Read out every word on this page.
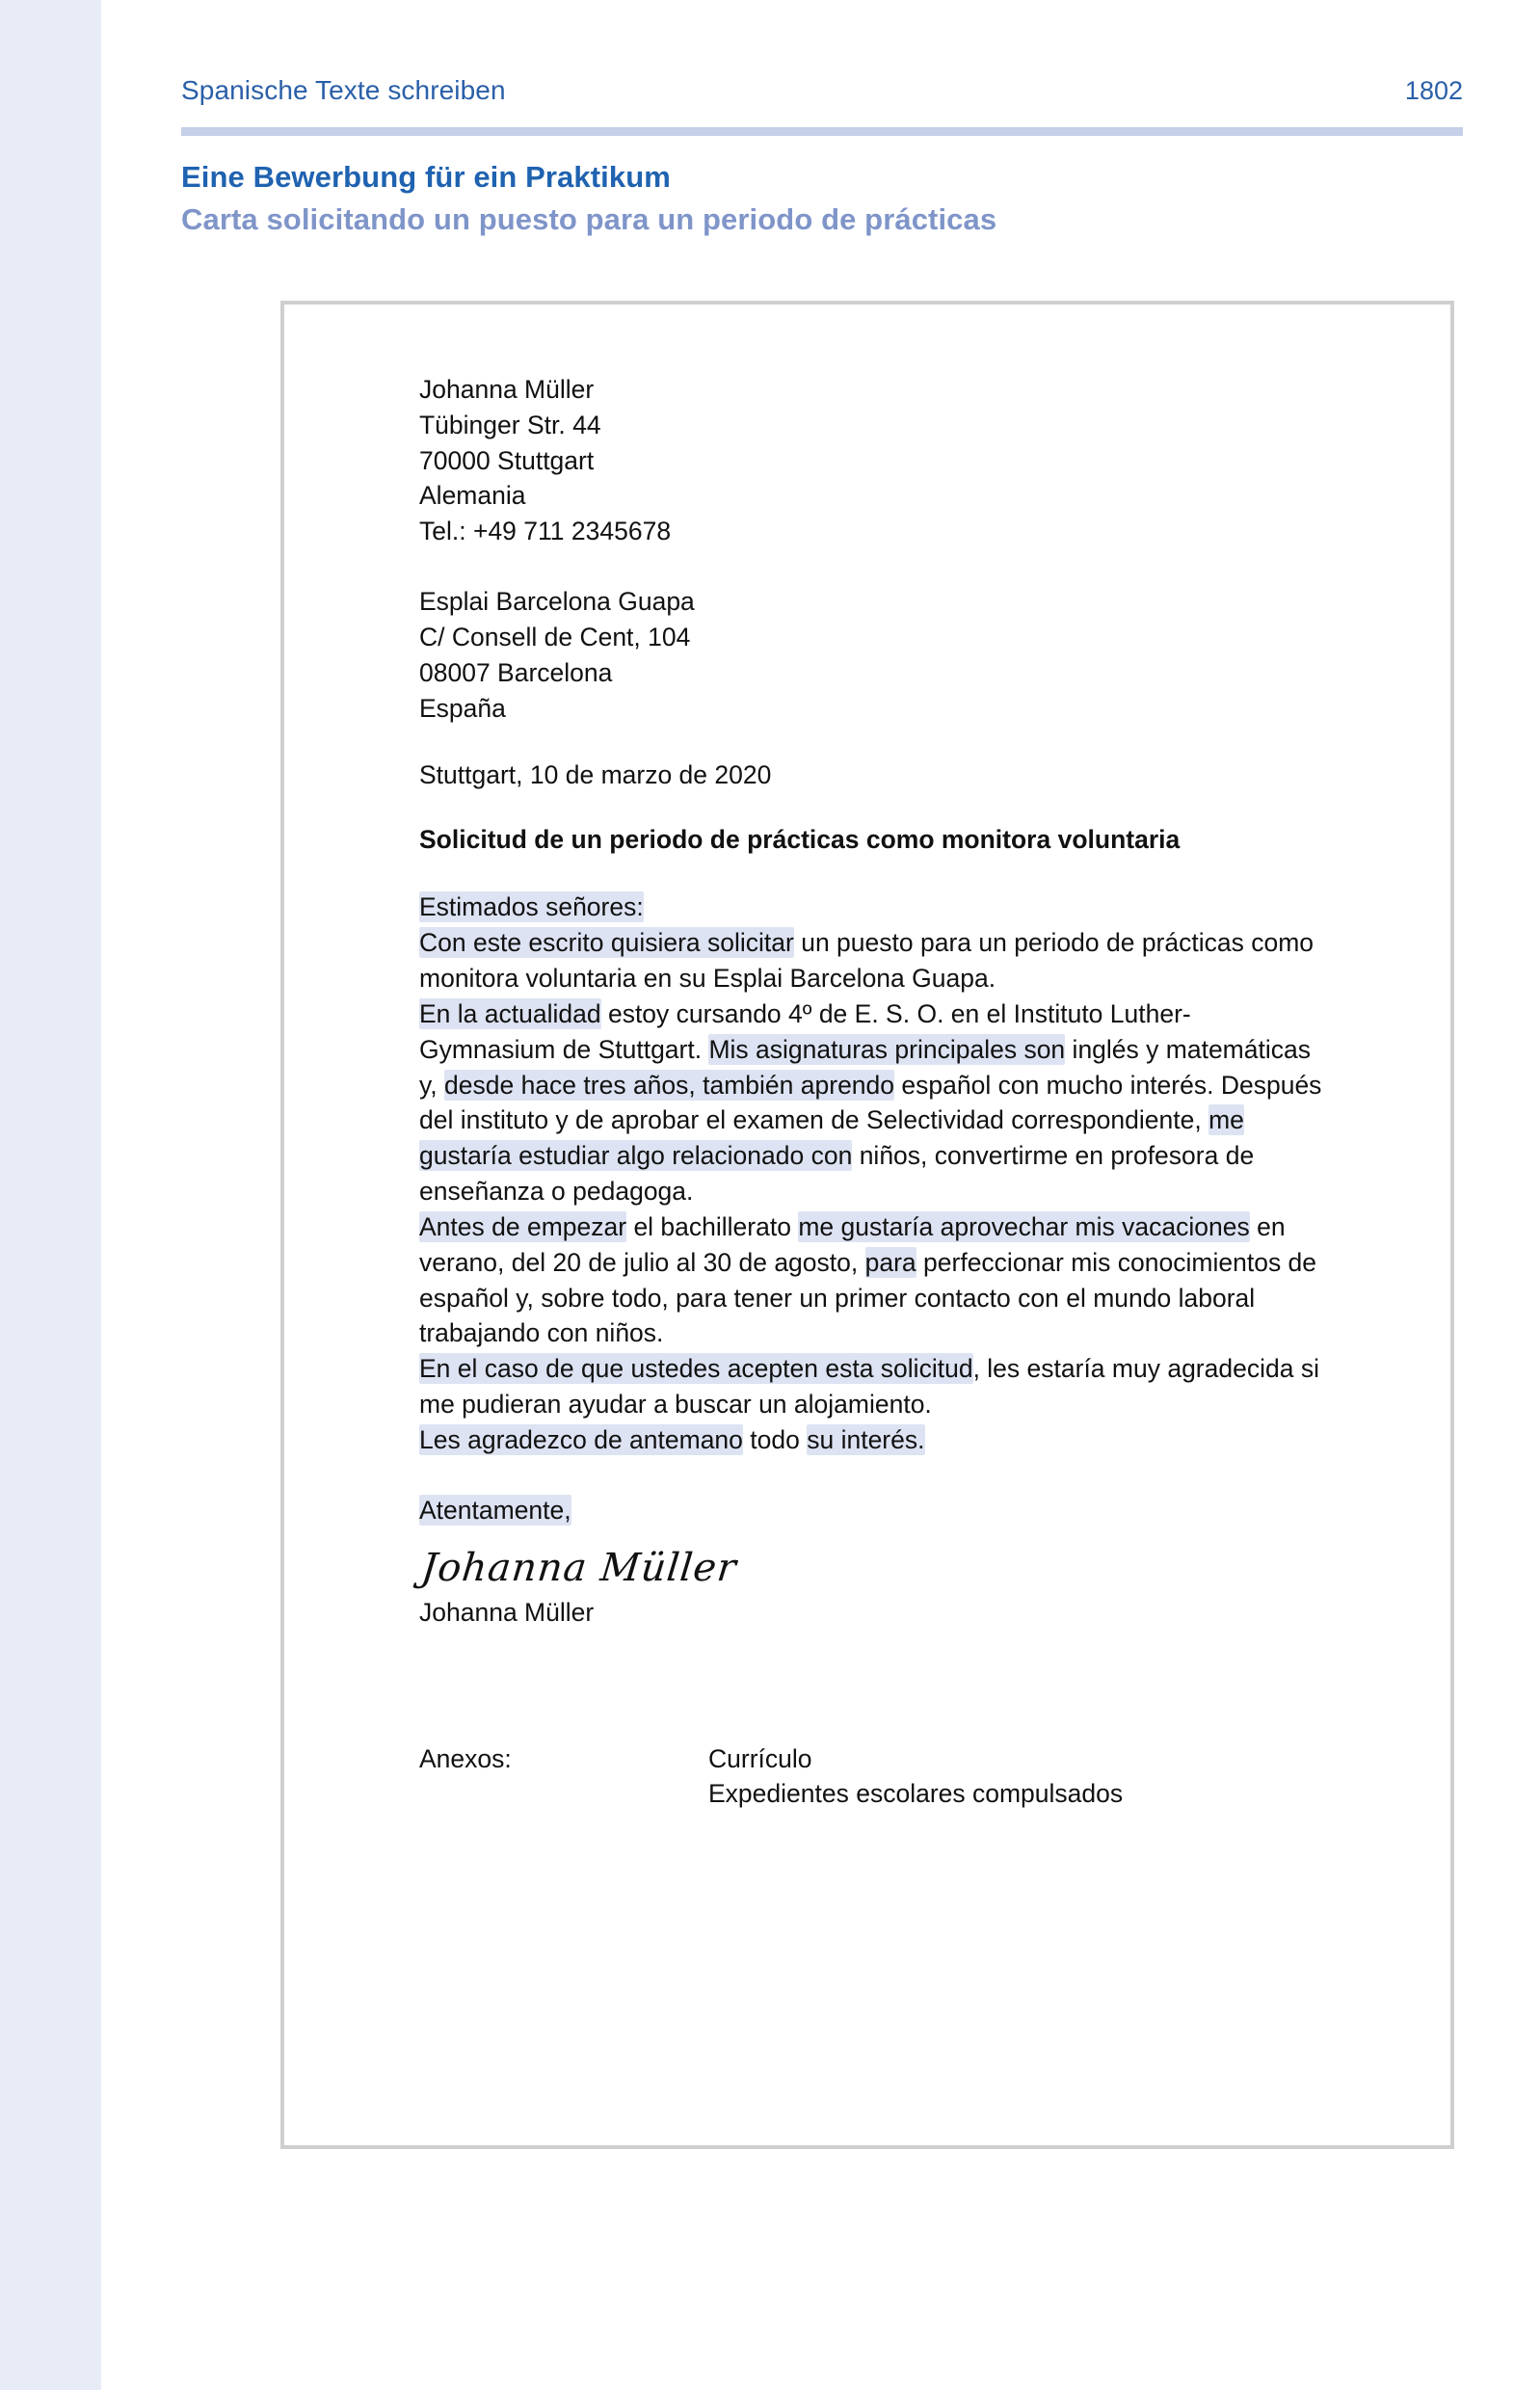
Spanische Texte schreiben	1802
Eine Bewerbung für ein Praktikum
Carta solicitando un puesto para un periodo de prácticas
Johanna Müller
Tübinger Str. 44
70000 Stuttgart
Alemania
Tel.: +49 711 2345678
Esplai Barcelona Guapa
C/ Consell de Cent, 104
08007 Barcelona
España
Stuttgart, 10 de marzo de 2020
Solicitud de un periodo de prácticas como monitora voluntaria

Estimados señores:

Con este escrito quisiera solicitar un puesto para un periodo de prácticas como monitora voluntaria en su Esplai Barcelona Guapa.

En la actualidad estoy cursando 4º de E. S. O. en el Instituto Luther-Gymnasium de Stuttgart. Mis asignaturas principales son inglés y matemáticas y, desde hace tres años, también aprendo español con mucho interés. Después del instituto y de aprobar el examen de Selectividad correspondiente, me gustaría estudiar algo relacionado con niños, convertirme en profesora de enseñanza o pedagoga.

Antes de empezar el bachillerato me gustaría aprovechar mis vacaciones en verano, del 20 de julio al 30 de agosto, para perfeccionar mis conocimientos de español y, sobre todo, para tener un primer contacto con el mundo laboral trabajando con niños.

En el caso de que ustedes acepten esta solicitud, les estaría muy agradecida si me pudieran ayudar a buscar un alojamiento.

Les agradezco de antemano todo su interés.

Atentamente,

Johanna Müller
Johanna Müller
Anexos:	Currículo
Expedientes escolares compulsados
